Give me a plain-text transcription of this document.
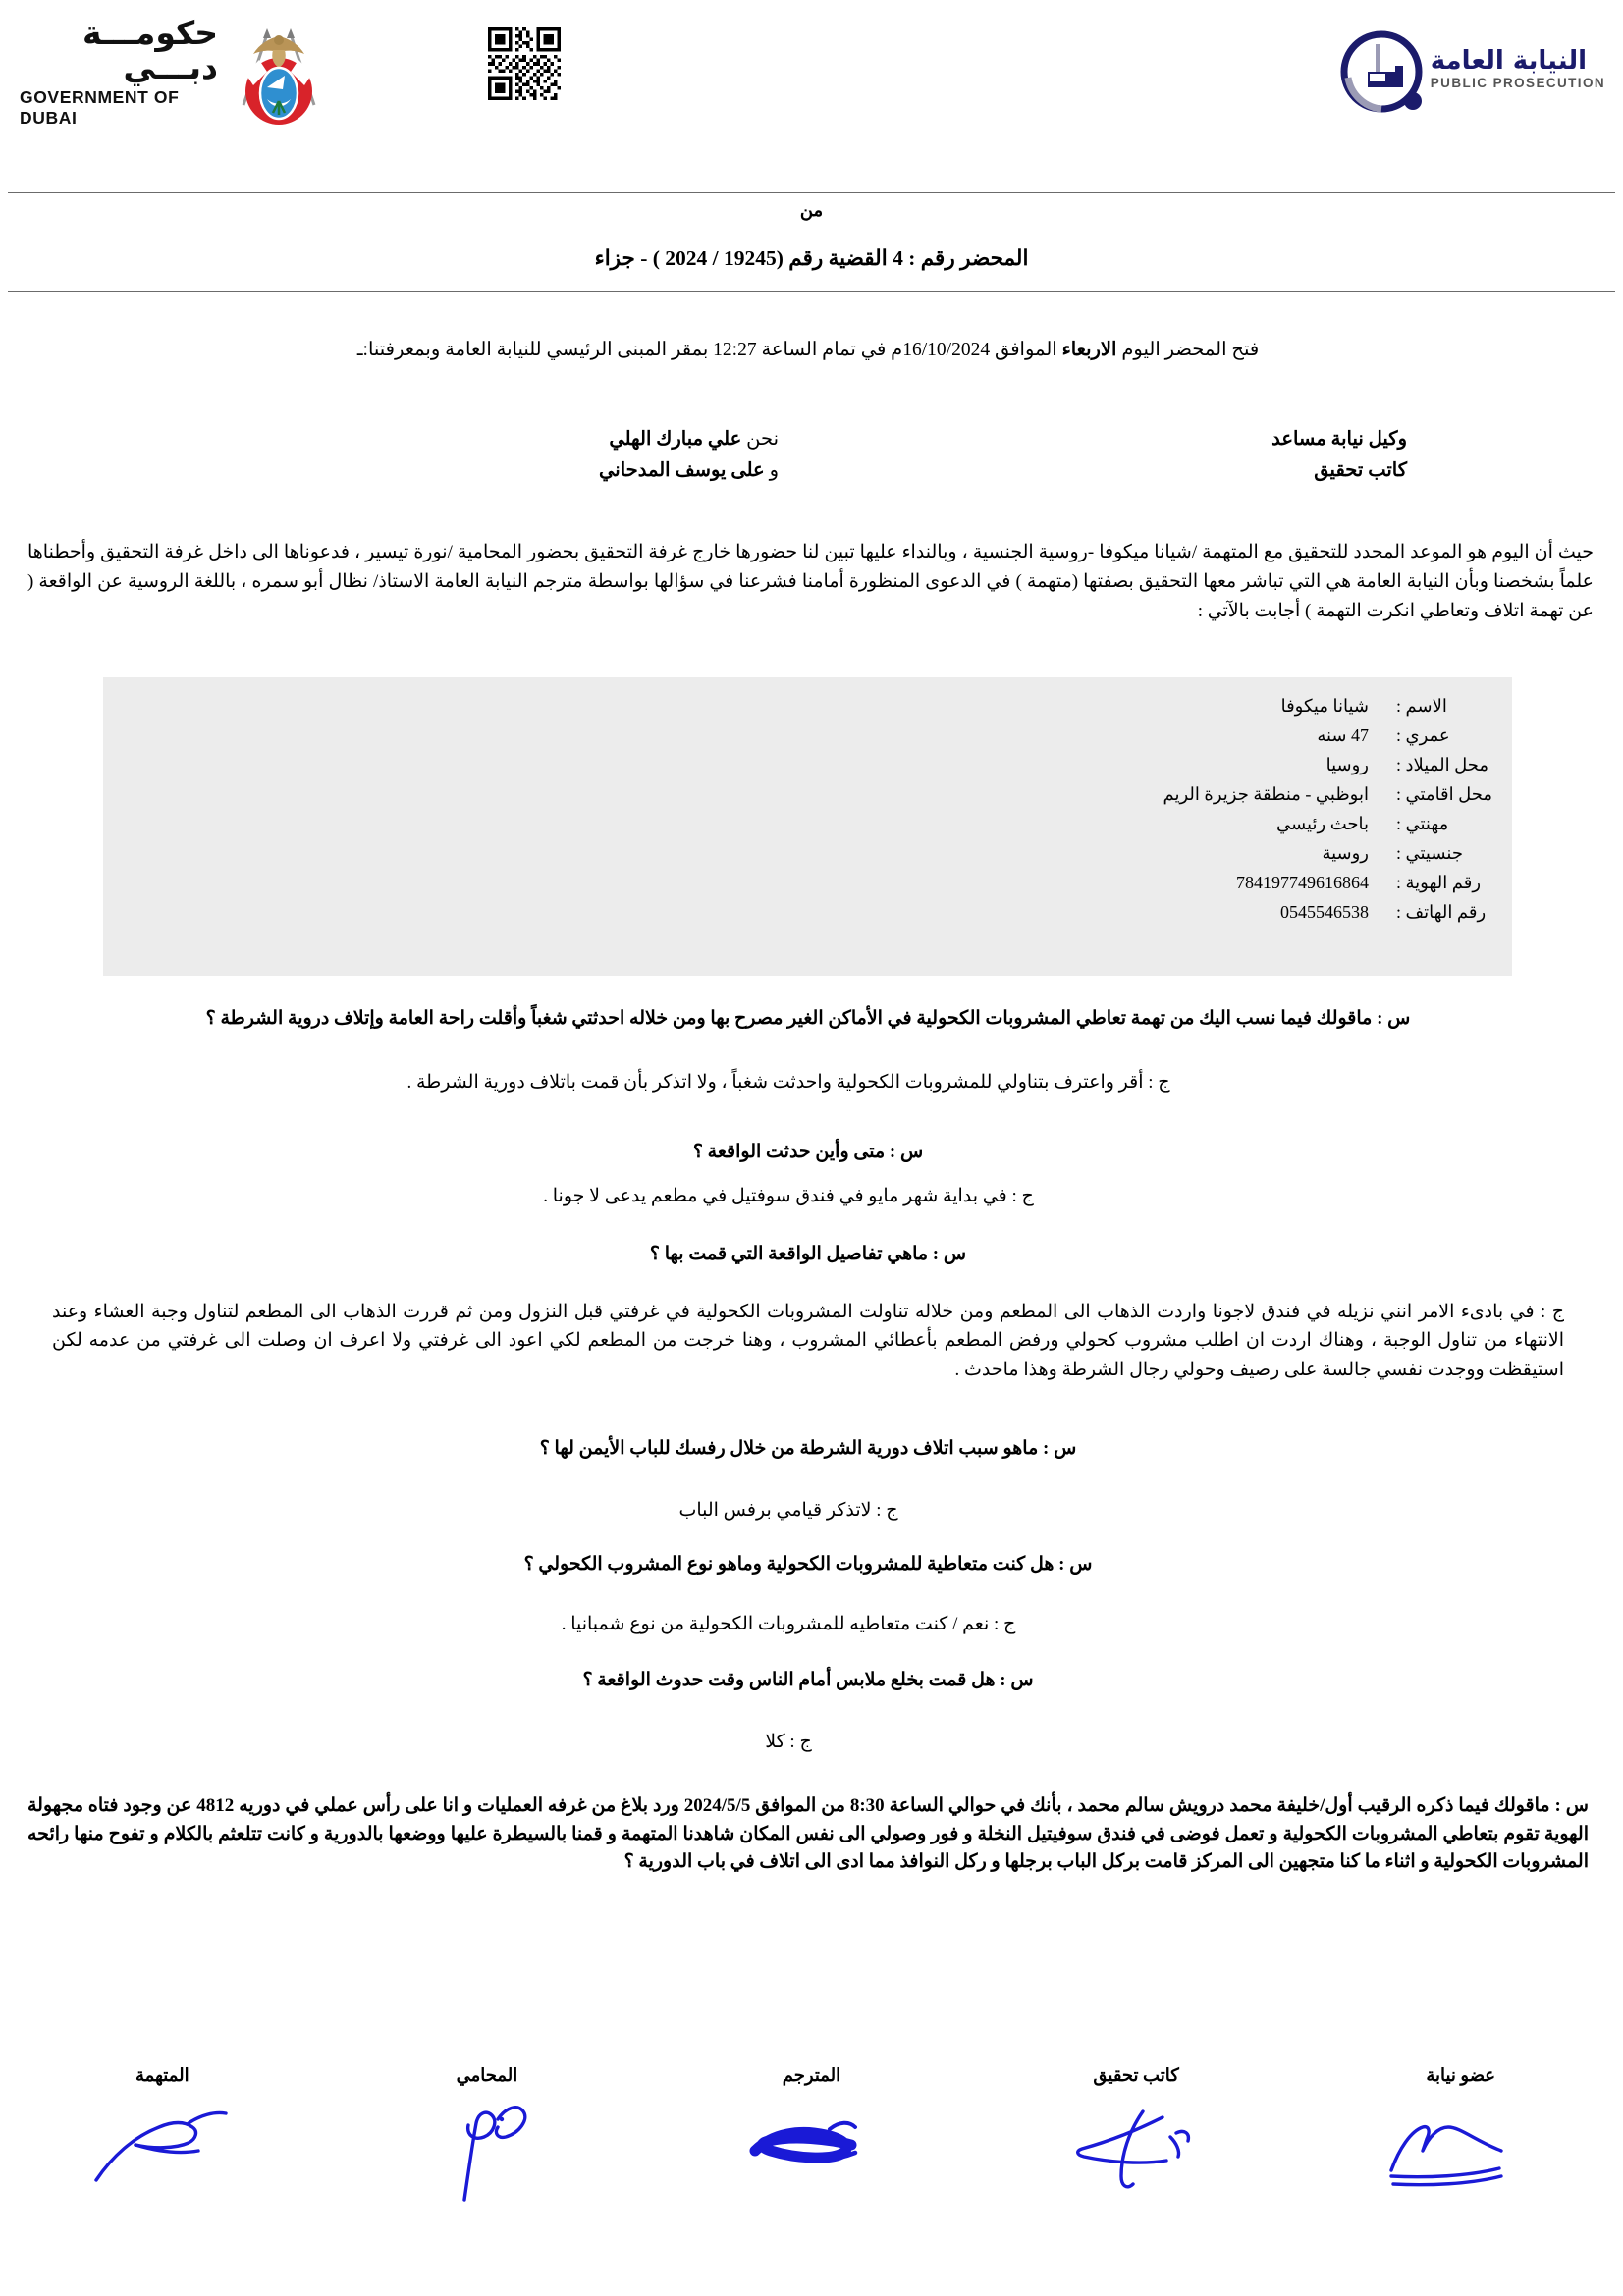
حكومـــة دبـــي
GOVERNMENT OF DUBAI
النيابة العامة
PUBLIC PROSECUTION
من
المحضر رقم : 4 القضية رقم (19245 / 2024 ) - جزاء
فتح المحضر اليوم الاربعاء الموافق 16/10/2024م في تمام الساعة 12:27 بمقر المبنى الرئيسي للنيابة العامة وبمعرفتنا:ـ
وكيل نيابة مساعد
نحن علي مبارك الهلي
كاتب تحقيق
و على يوسف المدحاني
حيث أن اليوم هو الموعد المحدد للتحقيق مع المتهمة /شيانا ميكوفا -روسية الجنسية ، وبالنداء عليها تبين لنا حضورها خارج غرفة التحقيق بحضور المحامية /نورة تيسير ، فدعوناها الى داخل غرفة التحقيق وأحطناها علماً بشخصنا وبأن النيابة العامة هي التي تباشر معها التحقيق بصفتها (متهمة ) في الدعوى المنظورة أمامنا فشرعنا في سؤالها بواسطة مترجم النيابة العامة الاستاذ/ نظال أبو سمره ، باللغة الروسية عن الواقعة ( عن تهمة اتلاف وتعاطي انكرت التهمة ) أجابت بالآتي :
الاسم :
شيانا ميكوفا
عمري :
47 سنه
محل الميلاد :
روسيا
محل اقامتي :
ابوظبي - منطقة جزيرة الريم
مهنتي :
باحث رئيسي
جنسيتي :
روسية
رقم الهوية :
784197749616864
رقم الهاتف :
0545546538
س : ماقولك فيما نسب اليك من تهمة تعاطي المشروبات الكحولية في الأماكن الغير مصرح بها ومن خلاله احدثتي شغباً وأقلت راحة العامة وإتلاف دروية الشرطة ؟
ج : أقر واعترف بتناولي للمشروبات الكحولية واحدثت شغباً ، ولا اتذكر بأن قمت باتلاف دورية الشرطة .
س : متى وأين حدثت الواقعة ؟
ج : في بداية شهر مايو في فندق سوفتيل في مطعم يدعى لا جونا .
س : ماهي تفاصيل الواقعة التي قمت بها ؟
ج : في بادىء الامر انني نزيله في فندق لاجونا واردت الذهاب الى المطعم ومن خلاله تناولت المشروبات الكحولية في غرفتي قبل النزول ومن ثم قررت الذهاب الى المطعم لتناول وجبة العشاء وعند الانتهاء من تناول الوجبة ، وهناك اردت ان اطلب مشروب كحولي ورفض المطعم بأعطائي المشروب ، وهنا خرجت من المطعم لكي اعود الى غرفتي ولا اعرف ان وصلت الى غرفتي من عدمه لكن استيقظت ووجدت نفسي جالسة على رصيف وحولي رجال الشرطة وهذا ماحدث .
س : ماهو سبب اتلاف دورية الشرطة من خلال رفسك للباب الأيمن لها ؟
ج : لاتذكر قيامي برفس الباب
س : هل كنت متعاطية للمشروبات الكحولية وماهو نوع المشروب الكحولي ؟
ج : نعم / كنت متعاطيه للمشروبات الكحولية من نوع شمبانيا .
س : هل قمت بخلع ملابس أمام الناس وقت حدوث الواقعة ؟
ج : كلا
س : ماقولك فيما ذكره الرقيب أول/خليفة محمد درويش سالم محمد ، بأنك في حوالي الساعة 8:30 من الموافق 2024/5/5 ورد بلاغ من غرفه العمليات و انا على رأس عملي في دوريه 4812 عن وجود فتاه مجهولة الهوية تقوم بتعاطي المشروبات الكحولية و تعمل فوضى في فندق سوفيتيل النخلة و فور وصولي الى نفس المكان شاهدنا المتهمة و قمنا بالسيطرة عليها ووضعها بالدورية و كانت تتلعثم بالكلام و تفوح منها رائحه المشروبات الكحولية و اثناء ما كنا متجهين الى المركز قامت بركل الباب برجلها و ركل النوافذ مما ادى الى اتلاف في باب الدورية ؟
المتهمة	المحامي	المترجم	كاتب تحقيق	عضو نيابة
